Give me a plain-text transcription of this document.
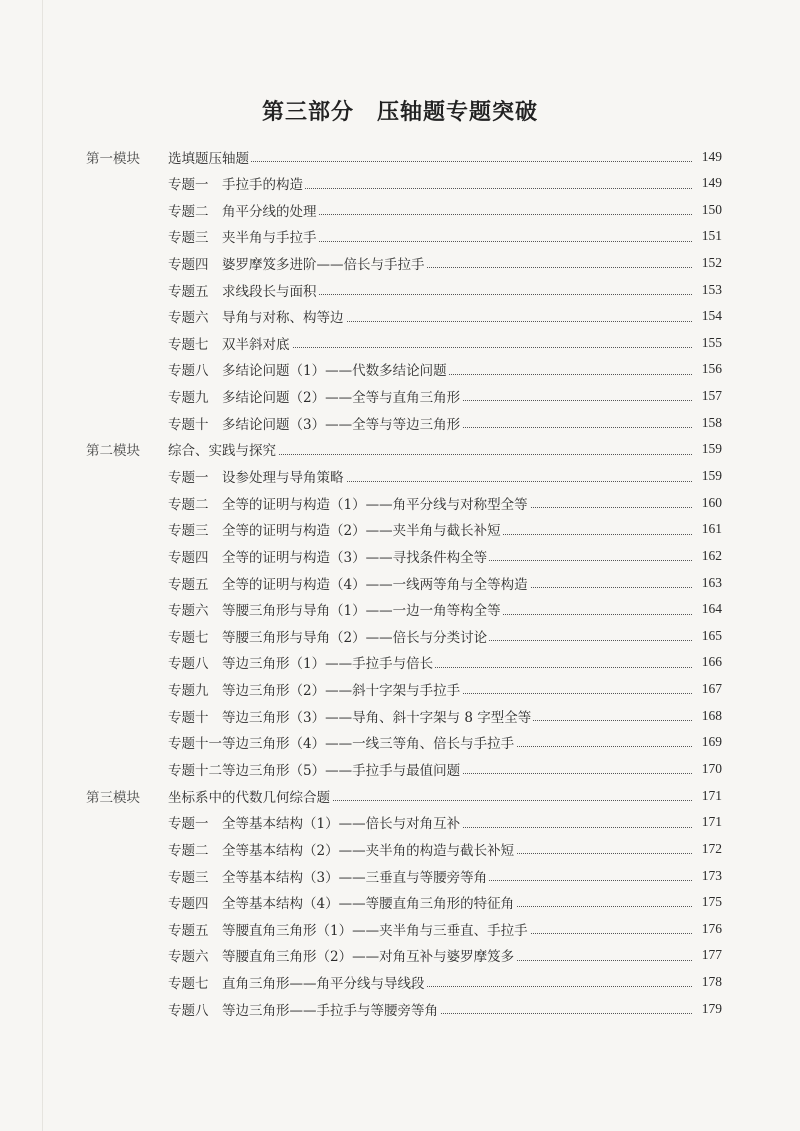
第三部分　压轴题专题突破
第一模块 选填题压轴题	149
专题一 手拉手的构造	149
专题二 角平分线的处理	150
专题三 夹半角与手拉手	151
专题四 婆罗摩笈多进阶——倍长与手拉手	152
专题五 求线段长与面积	153
专题六 导角与对称、构等边	154
专题七 双半斜对底	155
专题八 多结论问题（1）——代数多结论问题	156
专题九 多结论问题（2）——全等与直角三角形	157
专题十 多结论问题（3）——全等与等边三角形	158
第二模块 综合、实践与探究	159
专题一 设参处理与导角策略	159
专题二 全等的证明与构造（1）——角平分线与对称型全等	160
专题三 全等的证明与构造（2）——夹半角与截长补短	161
专题四 全等的证明与构造（3）——寻找条件构全等	162
专题五 全等的证明与构造（4）——一线两等角与全等构造	163
专题六 等腰三角形与导角（1）——一边一角等构全等	164
专题七 等腰三角形与导角（2）——倍长与分类讨论	165
专题八 等边三角形（1）——手拉手与倍长	166
专题九 等边三角形（2）——斜十字架与手拉手	167
专题十 等边三角形（3）——导角、斜十字架与 8 字型全等	168
专题十一 等边三角形（4）——一线三等角、倍长与手拉手	169
专题十二 等边三角形（5）——手拉手与最值问题	170
第三模块 坐标系中的代数几何综合题	171
专题一 全等基本结构（1）——倍长与对角互补	171
专题二 全等基本结构（2）——夹半角的构造与截长补短	172
专题三 全等基本结构（3）——三垂直与等腰旁等角	173
专题四 全等基本结构（4）——等腰直角三角形的特征角	175
专题五 等腰直角三角形（1）——夹半角与三垂直、手拉手	176
专题六 等腰直角三角形（2）——对角互补与婆罗摩笈多	177
专题七 直角三角形——角平分线与导线段	178
专题八 等边三角形——手拉手与等腰旁等角	179
